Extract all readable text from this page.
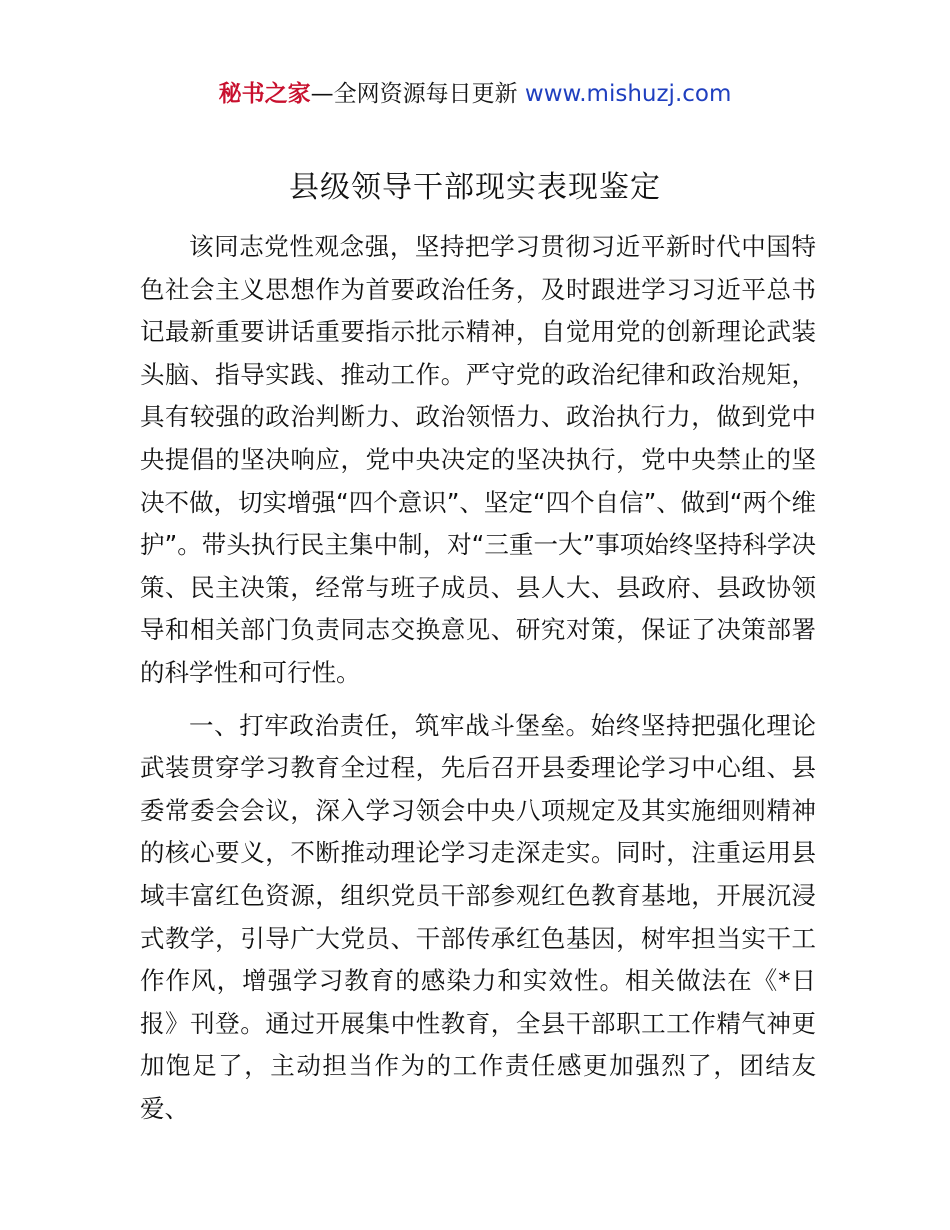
秘书之家—全网资源每日更新 www.mishuzj.com
县级领导干部现实表现鉴定

该同志党性观念强，坚持把学习贯彻习近平新时代中国特色社会主义思想作为首要政治任务，及时跟进学习习近平总书记最新重要讲话重要指示批示精神，自觉用党的创新理论武装头脑、指导实践、推动工作。严守党的政治纪律和政治规矩，具有较强的政治判断力、政治领悟力、政治执行力，做到党中央提倡的坚决响应，党中央决定的坚决执行，党中央禁止的坚决不做，切实增强“四个意识”、坚定“四个自信”、做到“两个维护”。带头执行民主集中制，对“三重一大”事项始终坚持科学决策、民主决策，经常与班子成员、县人大、县政府、县政协领导和相关部门负责同志交换意见、研究对策，保证了决策部署的科学性和可行性。

一、打牢政治责任，筑牢战斗堡垒。始终坚持把强化理论武装贯穿学习教育全过程，先后召开县委理论学习中心组、县委常委会会议，深入学习领会中央八项规定及其实施细则精神的核心要义，不断推动理论学习走深走实。同时，注重运用县域丰富红色资源，组织党员干部参观红色教育基地，开展沉浸式教学，引导广大党员、干部传承红色基因，树牢担当实干工作作风，增强学习教育的感染力和实效性。相关做法在《*日报》刊登。通过开展集中性教育，全县干部职工工作精气神更加饱足了，主动担当作为的工作责任感更加强烈了，团结友爱、
